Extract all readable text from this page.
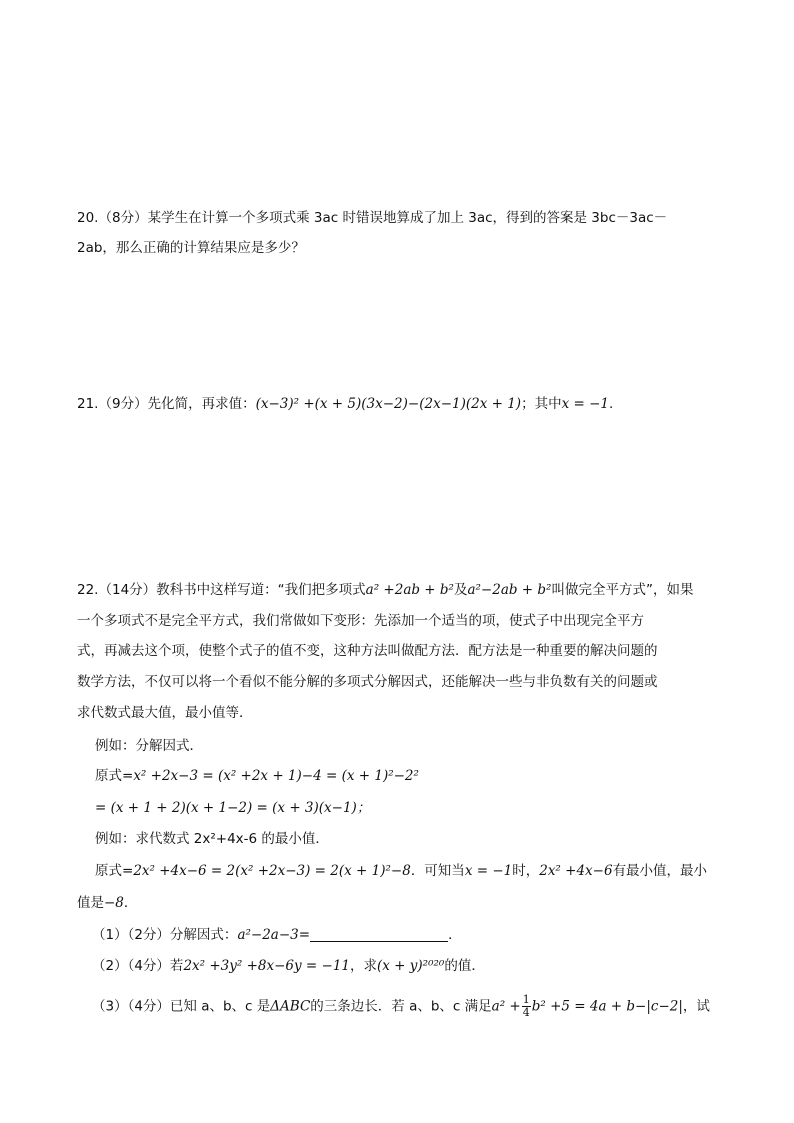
20.（8分）某学生在计算一个多项式乘 3ac 时错误地算成了加上 3ac，得到的答案是 3bc－3ac－
2ab，那么正确的计算结果应是多少？
21.（9分）先化简，再求值：(x−3)² +(x + 5)(3x−2)−(2x−1)(2x + 1)；其中x = −1.
22.（14分）教科书中这样写道：“我们把多项式a² +2ab + b²及a²−2ab + b²叫做完全平方式”，如果
一个多项式不是完全平方式，我们常做如下变形：先添加一个适当的项，使式子中出现完全平方
式，再减去这个项，使整个式子的值不变，这种方法叫做配方法．配方法是一种重要的解决问题的
数学方法，不仅可以将一个看似不能分解的多项式分解因式，还能解决一些与非负数有关的问题或
求代数式最大值，最小值等．
例如：分解因式．
原式=x² +2x−3 = (x² +2x + 1)−4 = (x + 1)²−2²
= (x + 1 + 2)(x + 1−2) = (x + 3)(x−1)；
例如：求代数式 2x²+4x-6 的最小值．
原式=2x² +4x−6 = 2(x² +2x−3) = 2(x + 1)²−8．可知当x = −1时，2x² +4x−6有最小值，最小
值是−8．
（1）（2分）分解因式：a²−2a−3=	．
（2）（4分）若2x² +3y² +8x−6y = −11，求(x + y)²⁰²⁰的值．
（3）（4分）已知 a、b、c 是ΔABC的三条边长．若 a、b、c 满足$a^2 + \frac{1}{4} b^2 +5 = 4a + b-|c-2|$，试
